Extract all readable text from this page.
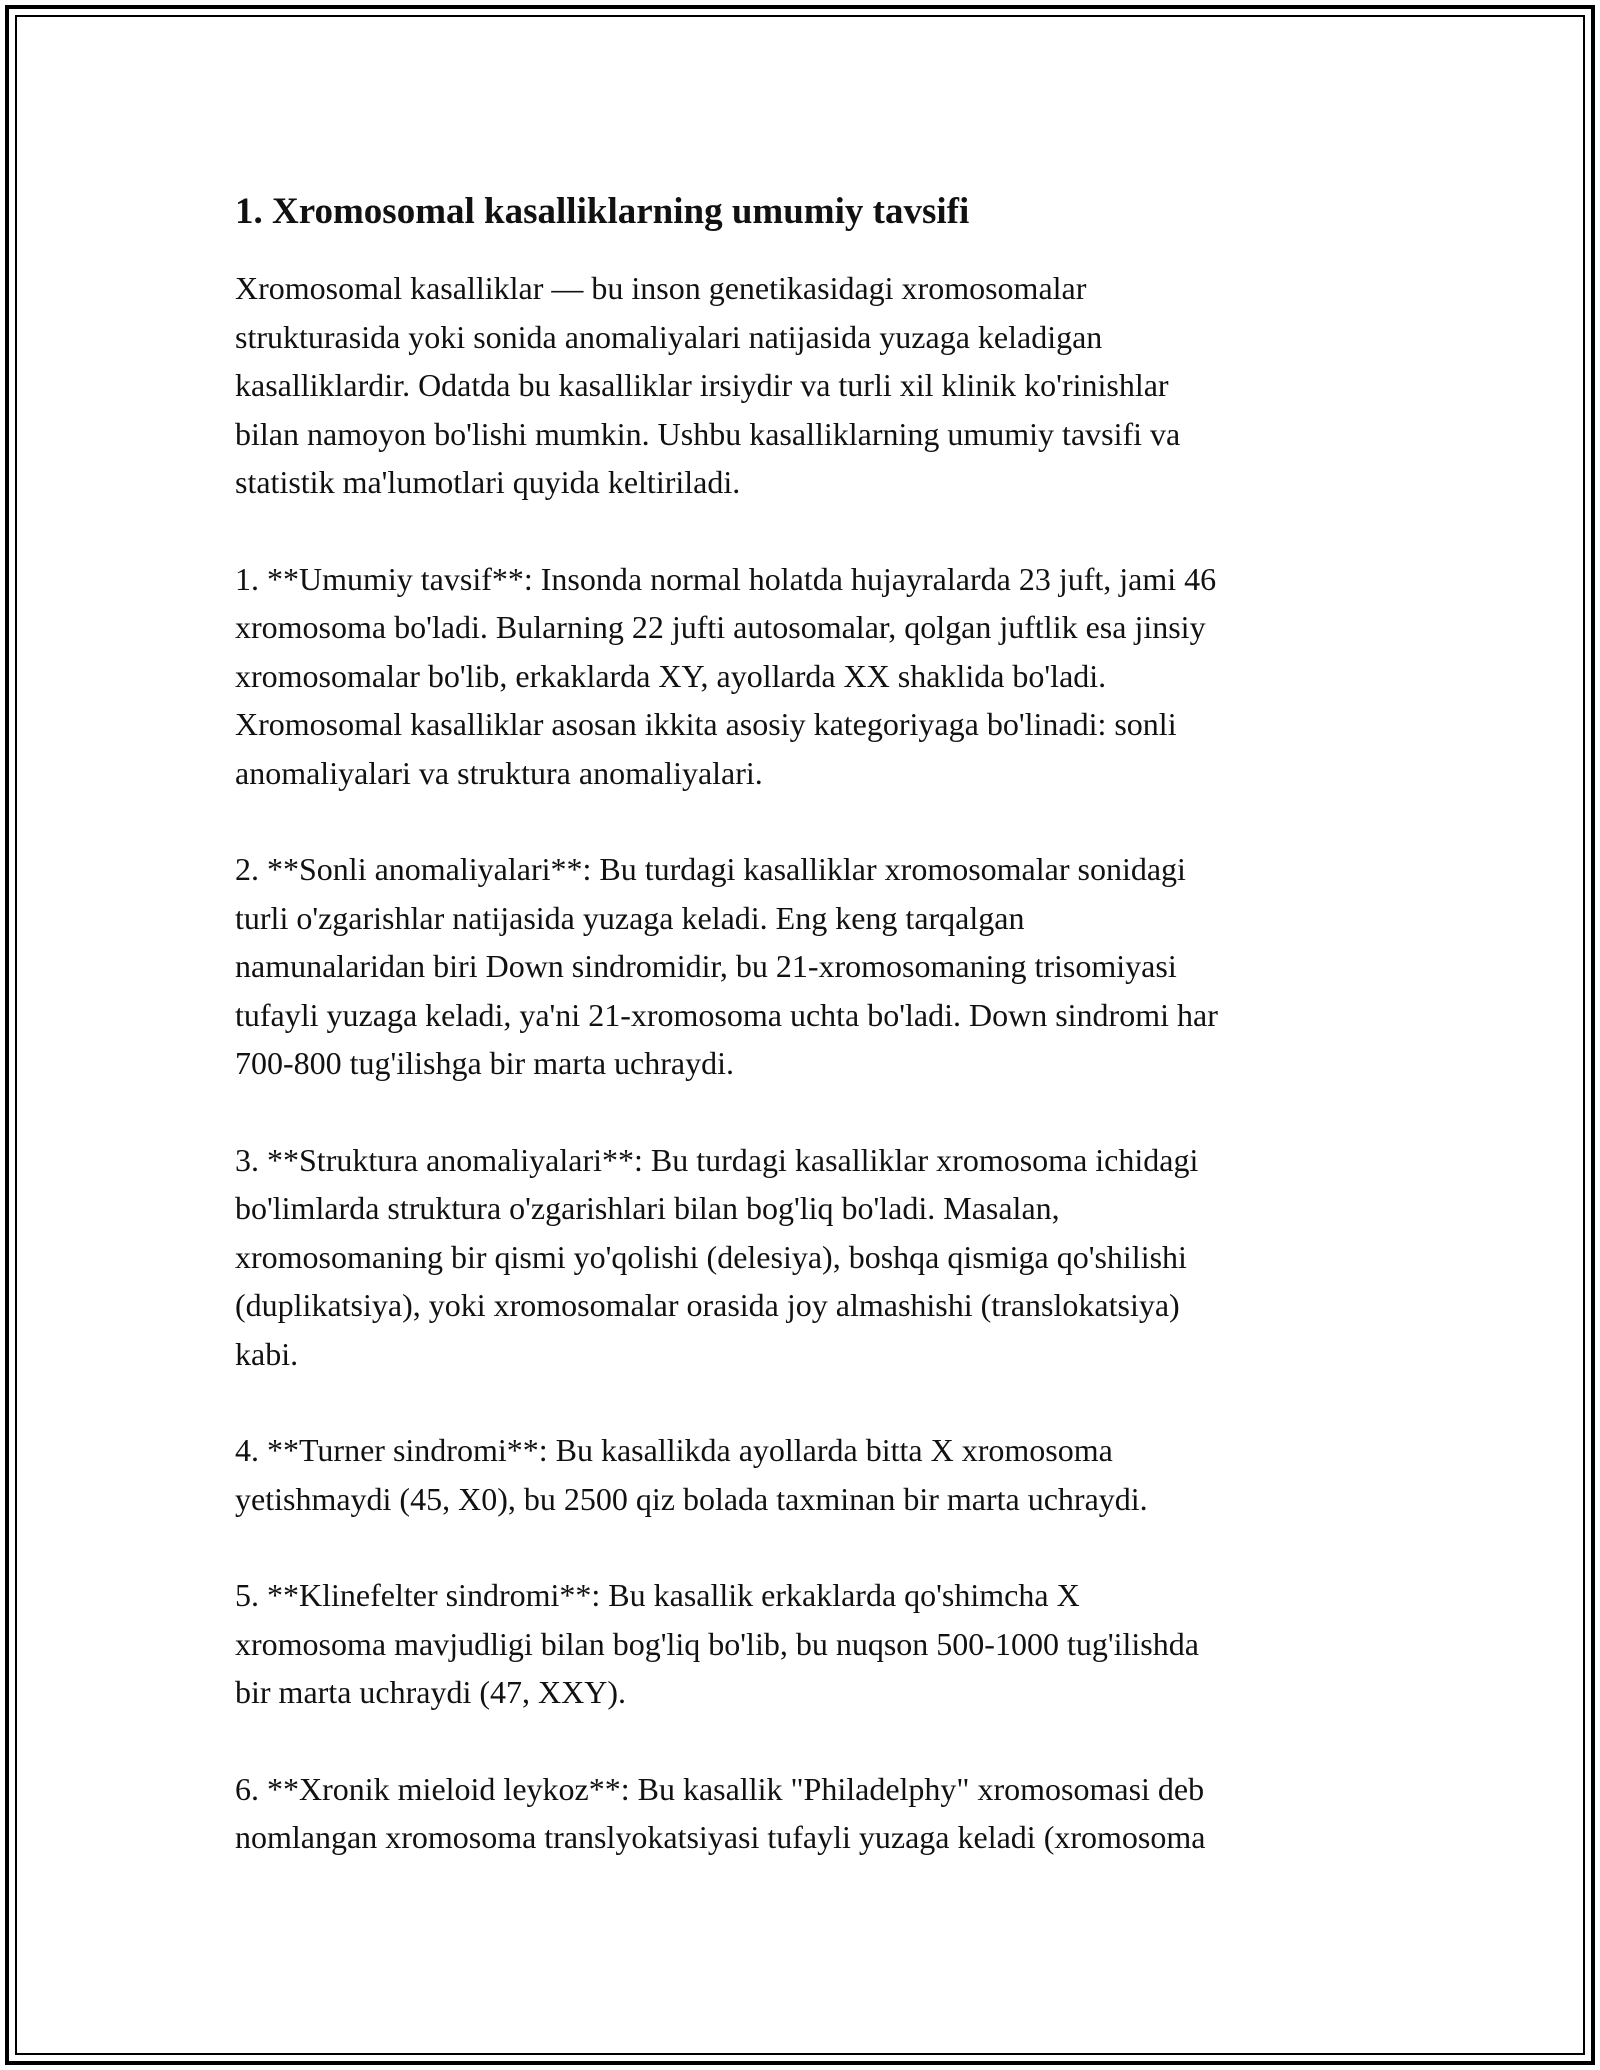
1. Xromosomal kasalliklarning umumiy tavsifi

Xromosomal kasalliklar — bu inson genetikasidagi xromosomalar
strukturasida yoki sonida anomaliyalari natijasida yuzaga keladigan
kasalliklardir. Odatda bu kasalliklar irsiydir va turli xil klinik ko'rinishlar
bilan namoyon bo'lishi mumkin. Ushbu kasalliklarning umumiy tavsifi va
statistik ma'lumotlari quyida keltiriladi.

1. **Umumiy tavsif**: Insonda normal holatda hujayralarda 23 juft, jami 46
xromosoma bo'ladi. Bularning 22 jufti autosomalar, qolgan juftlik esa jinsiy
xromosomalar bo'lib, erkaklarda XY, ayollarda XX shaklida bo'ladi.
Xromosomal kasalliklar asosan ikkita asosiy kategoriyaga bo'linadi: sonli
anomaliyalari va struktura anomaliyalari.

2. **Sonli anomaliyalari**: Bu turdagi kasalliklar xromosomalar sonidagi
turli o'zgarishlar natijasida yuzaga keladi. Eng keng tarqalgan
namunalaridan biri Down sindromidir, bu 21-xromosomaning trisomiyasi
tufayli yuzaga keladi, ya'ni 21-xromosoma uchta bo'ladi. Down sindromi har
700-800 tug'ilishga bir marta uchraydi.

3. **Struktura anomaliyalari**: Bu turdagi kasalliklar xromosoma ichidagi
bo'limlarda struktura o'zgarishlari bilan bog'liq bo'ladi. Masalan,
xromosomaning bir qismi yo'qolishi (delesiya), boshqa qismiga qo'shilishi
(duplikatsiya), yoki xromosomalar orasida joy almashishi (translokatsiya)
kabi.

4. **Turner sindromi**: Bu kasallikda ayollarda bitta X xromosoma
yetishmaydi (45, X0), bu 2500 qiz bolada taxminan bir marta uchraydi.

5. **Klinefelter sindromi**: Bu kasallik erkaklarda qo'shimcha X
xromosoma mavjudligi bilan bog'liq bo'lib, bu nuqson 500-1000 tug'ilishda
bir marta uchraydi (47, XXY).

6. **Xronik mieloid leykoz**: Bu kasallik "Philadelphy" xromosomasi deb
nomlangan xromosoma translyokatsiyasi tufayli yuzaga keladi (xromosoma
